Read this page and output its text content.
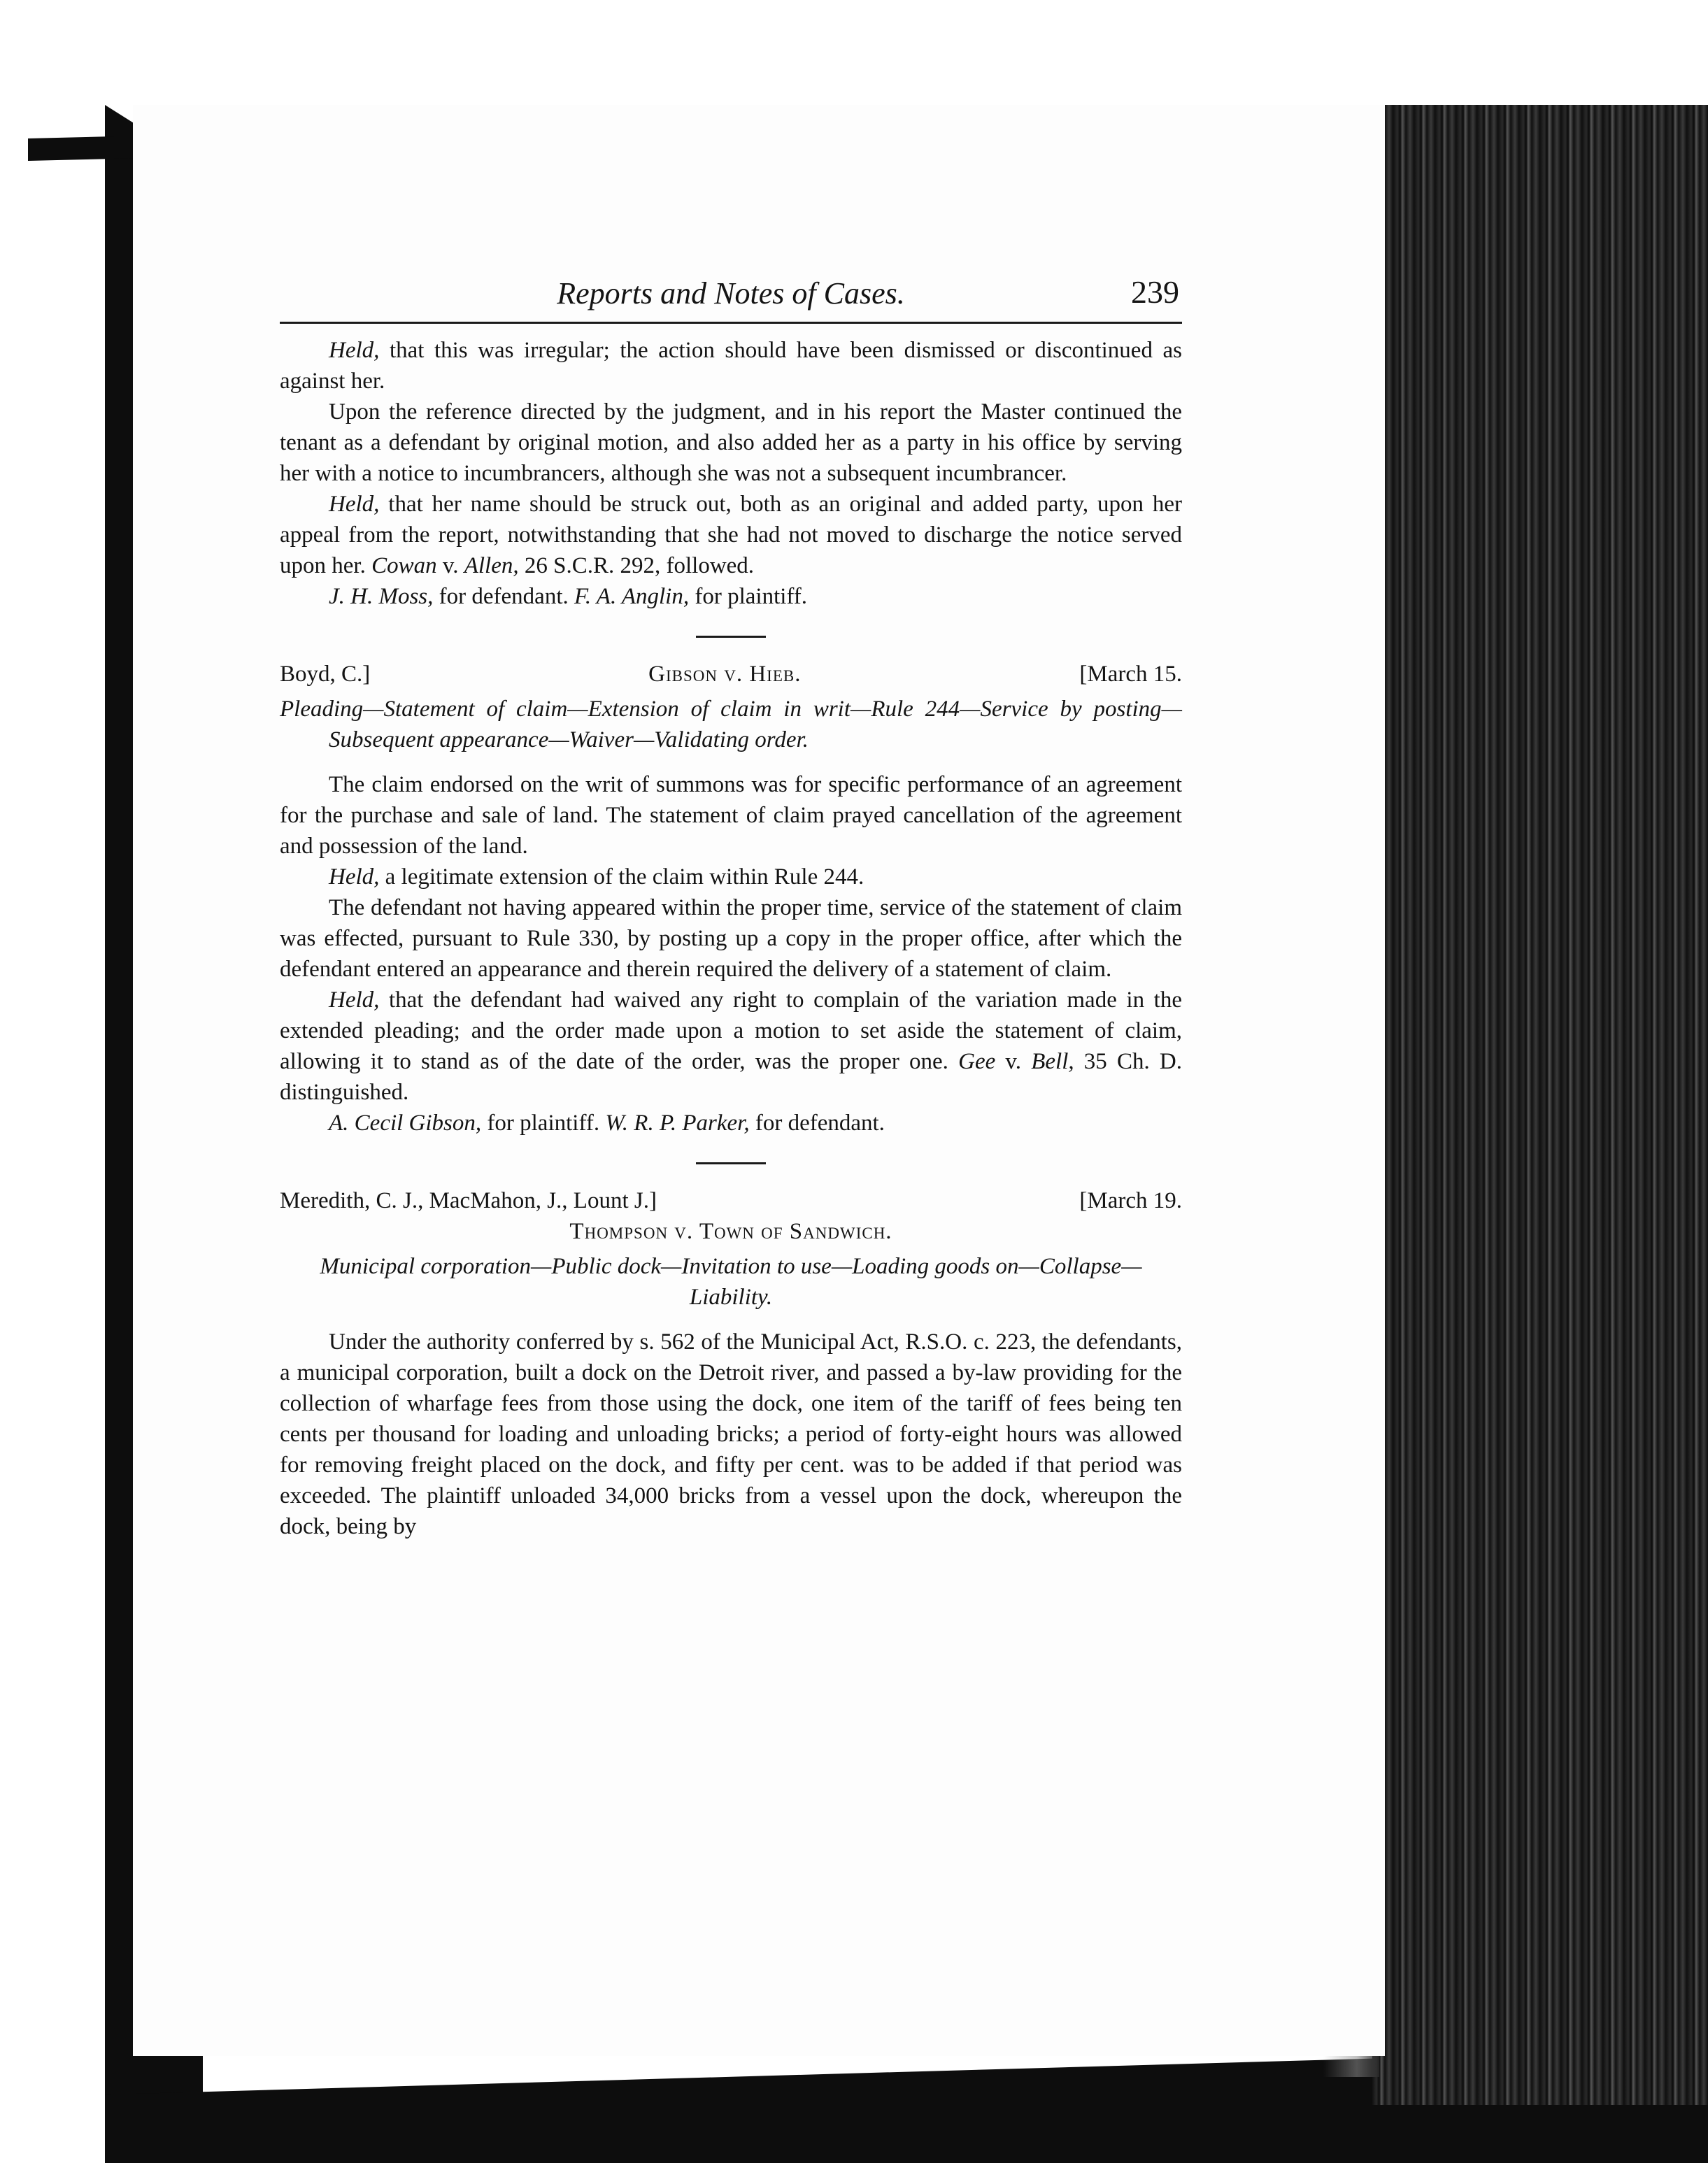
Reports and Notes of Cases.	239

Held, that this was irregular; the action should have been dismissed or discontinued as against her.

Upon the reference directed by the judgment, and in his report the Master continued the tenant as a defendant by original motion, and also added her as a party in his office by serving her with a notice to incumbrancers, although she was not a subsequent incumbrancer.

Held, that her name should be struck out, both as an original and added party, upon her appeal from the report, notwithstanding that she had not moved to discharge the notice served upon her. Cowan v. Allen, 26 S.C.R. 292, followed.

J. H. Moss, for defendant. F. A. Anglin, for plaintiff.

Boyd, C.]	Gibson v. Hieb.	[March 15.
Pleading—Statement of claim—Extension of claim in writ—Rule 244—Service by posting—Subsequent appearance—Waiver—Validating order.

The claim endorsed on the writ of summons was for specific performance of an agreement for the purchase and sale of land. The statement of claim prayed cancellation of the agreement and possession of the land.

Held, a legitimate extension of the claim within Rule 244.

The defendant not having appeared within the proper time, service of the statement of claim was effected, pursuant to Rule 330, by posting up a copy in the proper office, after which the defendant entered an appearance and therein required the delivery of a statement of claim.

Held, that the defendant had waived any right to complain of the variation made in the extended pleading; and the order made upon a motion to set aside the statement of claim, allowing it to stand as of the date of the order, was the proper one. Gee v. Bell, 35 Ch. D. distinguished.

A. Cecil Gibson, for plaintiff. W. R. P. Parker, for defendant.

Meredith, C. J., MacMahon, J., Lount J.]	[March 19.
Thompson v. Town of Sandwich.
Municipal corporation—Public dock—Invitation to use—Loading goods on—Collapse—Liability.

Under the authority conferred by s. 562 of the Municipal Act, R.S.O. c. 223, the defendants, a municipal corporation, built a dock on the Detroit river, and passed a by-law providing for the collection of wharfage fees from those using the dock, one item of the tariff of fees being ten cents per thousand for loading and unloading bricks; a period of forty-eight hours was allowed for removing freight placed on the dock, and fifty per cent. was to be added if that period was exceeded. The plaintiff unloaded 34,000 bricks from a vessel upon the dock, whereupon the dock, being by
